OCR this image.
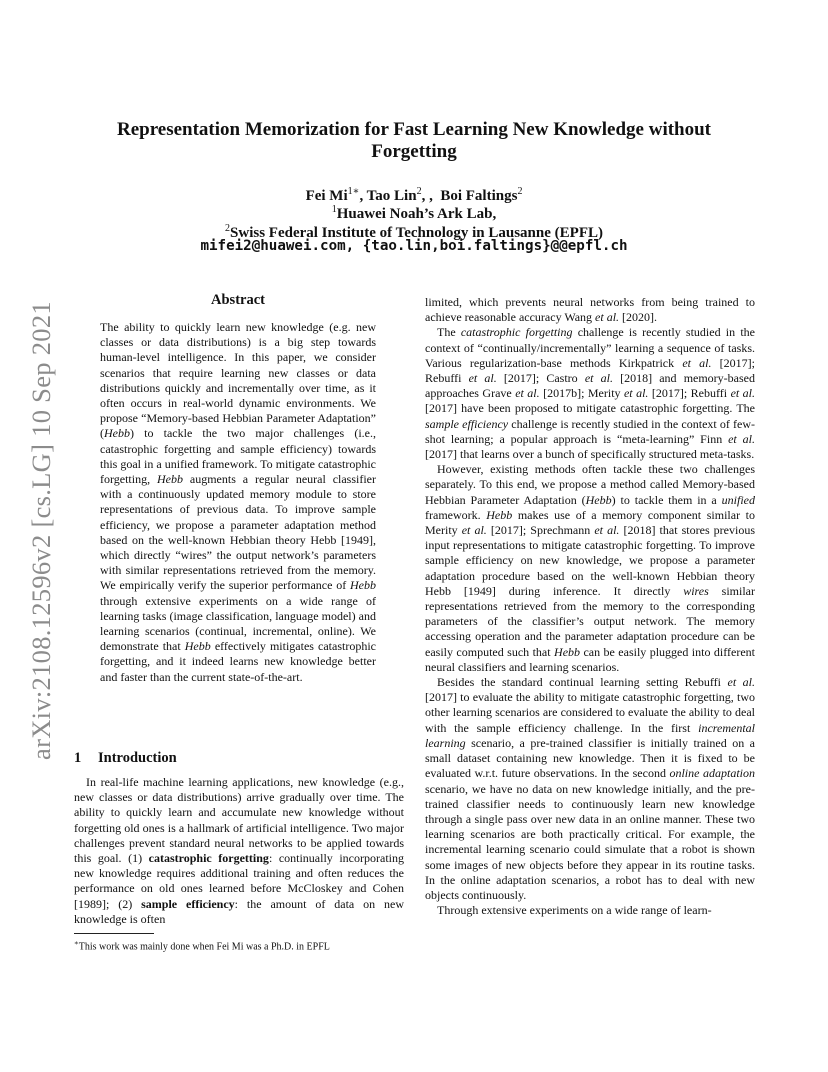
arXiv:2108.12596v2 [cs.LG] 10 Sep 2021
Representation Memorization for Fast Learning New Knowledge without Forgetting
Fei $Mi^{1∗}$, Tao Lin$^2$, ,  Boi Faltings$^2$
$^1$Huawei Noah’s Ark Lab,
$^2$Swiss Federal Institute of Technology in Lausanne (EPFL)
mifei2@huawei.com, {tao.lin,boi.faltings}@@epfl.ch
Abstract

The ability to quickly learn new knowledge (e.g. new classes or data distributions) is a big step towards human-level intelligence. In this paper, we consider scenarios that require learning new classes or data distributions quickly and incrementally over time, as it often occurs in real-world dynamic environments. We propose “Memory-based Hebbian Parameter Adaptation” (Hebb) to tackle the two major challenges (i.e., catastrophic forgetting and sample efficiency) towards this goal in a unified framework. To mitigate catastrophic forgetting, Hebb augments a regular neural classifier with a continuously updated memory module to store representations of previous data. To improve sample efficiency, we propose a parameter adaptation method based on the well-known Hebbian theory Hebb [1949], which directly “wires” the output network’s parameters with similar representations retrieved from the memory. We empirically verify the superior performance of Hebb through extensive experiments on a wide range of learning tasks (image classification, language model) and learning scenarios (continual, incremental, online). We demonstrate that Hebb effectively mitigates catastrophic forgetting, and it indeed learns new knowledge better and faster than the current state-of-the-art.

1 Introduction

In real-life machine learning applications, new knowledge (e.g., new classes or data distributions) arrive gradually over time. The ability to quickly learn and accumulate new knowledge without forgetting old ones is a hallmark of artificial intelligence. Two major challenges prevent standard neural networks to be applied towards this goal. (1) catastrophic forgetting: continually incorporating new knowledge requires additional training and often reduces the performance on old ones learned before McCloskey and Cohen [1989]; (2) sample efficiency: the amount of data on new knowledge is often

∗This work was mainly done when Fei Mi was a Ph.D. in EPFL

limited, which prevents neural networks from being trained to achieve reasonable accuracy Wang et al. [2020].

The catastrophic forgetting challenge is recently studied in the context of “continually/incrementally” learning a sequence of tasks. Various regularization-base methods Kirkpatrick et al. [2017]; Rebuffi et al. [2017]; Castro et al. [2018] and memory-based approaches Grave et al. [2017b]; Merity et al. [2017]; Rebuffi et al. [2017] have been proposed to mitigate catastrophic forgetting. The sample efficiency challenge is recently studied in the context of few-shot learning; a popular approach is “meta-learning” Finn et al. [2017] that learns over a bunch of specifically structured meta-tasks.

However, existing methods often tackle these two challenges separately. To this end, we propose a method called Memory-based Hebbian Parameter Adaptation (Hebb) to tackle them in a unified framework. Hebb makes use of a memory component similar to Merity et al. [2017]; Sprechmann et al. [2018] that stores previous input representations to mitigate catastrophic forgetting. To improve sample efficiency on new knowledge, we propose a parameter adaptation procedure based on the well-known Hebbian theory Hebb [1949] during inference. It directly wires similar representations retrieved from the memory to the corresponding parameters of the classifier’s output network. The memory accessing operation and the parameter adaptation procedure can be easily computed such that Hebb can be easily plugged into different neural classifiers and learning scenarios.

Besides the standard continual learning setting Rebuffi et al. [2017] to evaluate the ability to mitigate catastrophic forgetting, two other learning scenarios are considered to evaluate the ability to deal with the sample efficiency challenge. In the first incremental learning scenario, a pre-trained classifier is initially trained on a small dataset containing new knowledge. Then it is fixed to be evaluated w.r.t. future observations. In the second online adaptation scenario, we have no data on new knowledge initially, and the pre-trained classifier needs to continuously learn new knowledge through a single pass over new data in an online manner. These two learning scenarios are both practically critical. For example, the incremental learning scenario could simulate that a robot is shown some images of new objects before they appear in its routine tasks. In the online adaptation scenarios, a robot has to deal with new objects continuously.

Through extensive experiments on a wide range of learn-
